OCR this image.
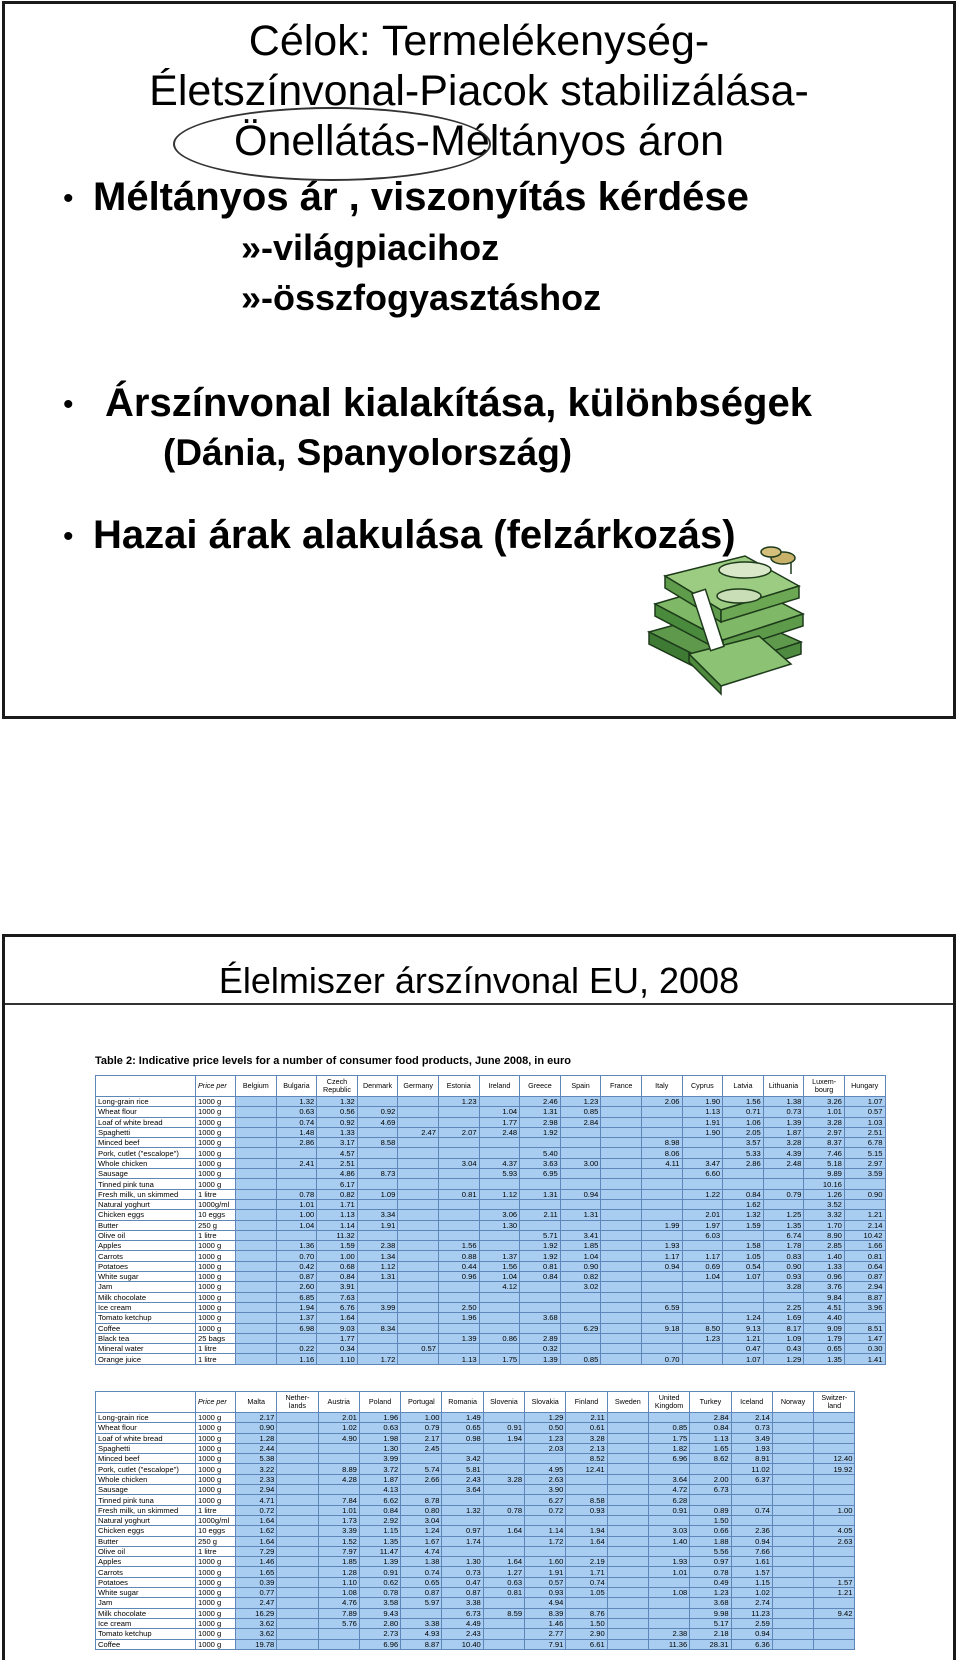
Célok: Termelékenység-
Életszínvonal-Piacok stabilizálása-
Önellátás-Méltányos áron
• Méltányos ár , viszonyítás kérdése
»-világpiacihoz
»-összfogyasztáshoz
• Árszínvonal kialakítása, különbségek
(Dánia, Spanyolország)
• Hazai árak alakulása (felzárkozás)
Élelmiszer árszínvonal EU, 2008
Table 2: Indicative price levels for a number of consumer food products, June 2008, in euro
	Price per	Belgium	Bulgaria	Czech Republic	Denmark	Germany	Estonia	Ireland	Greece	Spain	France	Italy	Cyprus	Latvia	Lithuania	Luxem-bourg	Hungary
Long-grain rice	1000 g		1.32	1.32			1.23		2.46	1.23		2.06	1.90	1.56	1.38	3.26	1.07
Wheat flour	1000 g		0.63	0.56	0.92			1.04	1.31	0.85			1.13	0.71	0.73	1.01	0.57
Loaf of white bread	1000 g		0.74	0.92	4.69			1.77	2.98	2.84			1.91	1.06	1.39	3.28	1.03
Spaghetti	1000 g		1.48	1.33		2.47	2.07	2.48	1.92				1.90	2.05	1.87	2.97	2.51
Minced beef	1000 g		2.86	3.17	8.58							8.98		3.57	3.28	8.37	6.78
Pork, cutlet ("escalope")	1000 g			4.57					5.40			8.06		5.33	4.39	7.46	5.15
Whole chicken	1000 g		2.41	2.51			3.04	4.37	3.63	3.00		4.11	3.47	2.86	2.48	5.18	2.97
Sausage	1000 g			4.86	8.73			5.93	6.95				6.60			9.89	3.59
Tinned pink tuna	1000 g			6.17												10.16	
Fresh milk, un skimmed	1 litre		0.78	0.82	1.09		0.81	1.12	1.31	0.94			1.22	0.84	0.79	1.26	0.90
Natural yoghurt	1000g/ml		1.01	1.71										1.62		3.52	
Chicken eggs	10 eggs		1.00	1.13	3.34			3.06	2.11	1.31			2.01	1.32	1.25	3.32	1.21
Butter	250 g		1.04	1.14	1.91			1.30				1.99	1.97	1.59	1.35	1.70	2.14
Olive oil	1 litre			11.32					5.71	3.41			6.03		6.74	8.90	10.42
Apples	1000 g		1.36	1.59	2.38		1.56		1.92	1.85		1.93		1.58	1.78	2.85	1.66
Carrots	1000 g		0.70	1.00	1.34		0.88	1.37	1.92	1.04		1.17	1.17	1.05	0.83	1.40	0.81
Potatoes	1000 g		0.42	0.68	1.12		0.44	1.56	0.81	0.90		0.94	0.69	0.54	0.90	1.33	0.64
White sugar	1000 g		0.87	0.84	1.31		0.96	1.04	0.84	0.82			1.04	1.07	0.93	0.96	0.87
Jam	1000 g		2.60	3.91				4.12		3.02					3.28	3.76	2.94
Milk chocolate	1000 g		6.85	7.63												9.84	8.87
Ice cream	1000 g		1.94	6.76	3.99		2.50					6.59			2.25	4.51	3.96
Tomato ketchup	1000 g		1.37	1.64			1.96		3.68					1.24	1.69	4.40	
Coffee	1000 g		6.98	9.03	8.34					6.29		9.18	8.50	9.13	8.17	9.09	8.51
Black tea	25 bags			1.77			1.39	0.86	2.89				1.23	1.21	1.09	1.79	1.47
Mineral water	1 litre		0.22	0.34		0.57			0.32					0.47	0.43	0.65	0.30
Orange juice	1 litre		1.16	1.10	1.72		1.13	1.75	1.39	0.85		0.70		1.07	1.29	1.35	1.41
	Price per	Malta	Nether-lands	Austria	Poland	Portugal	Romania	Slovenia	Slovakia	Finland	Sweden	United Kingdom	Turkey	Iceland	Norway	Switzer-land
Long-grain rice	1000 g	2.17		2.01	1.96	1.00	1.49		1.29	2.11			2.84	2.14		
Wheat flour	1000 g	0.90		1.02	0.63	0.79	0.65	0.91	0.50	0.61		0.85	0.84	0.73		
Loaf of white bread	1000 g	1.28		4.90	1.98	2.17	0.98	1.94	1.23	3.28		1.75	1.13	3.49		
Spaghetti	1000 g	2.44			1.30	2.45			2.03	2.13		1.82	1.65	1.93		
Minced beef	1000 g	5.38			3.99		3.42			8.52		6.96	8.62	8.91		12.40
Pork, cutlet ("escalope")	1000 g	3.22		8.89	3.72	5.74	5.81		4.95	12.41				11.02		19.92
Whole chicken	1000 g	2.33		4.28	1.87	2.66	2.43	3.28	2.63			3.64	2.00	6.37		
Sausage	1000 g	2.94			4.13		3.64		3.90			4.72	6.73			
Tinned pink tuna	1000 g	4.71		7.84	6.62	8.78			6.27	8.58		6.28				
Fresh milk, un skimmed	1 litre	0.72		1.01	0.84	0.80	1.32	0.78	0.72	0.93		0.91	0.89	0.74		1.00
Natural yoghurt	1000g/ml	1.64		1.73	2.92	3.04							1.50			
Chicken eggs	10 eggs	1.62		3.39	1.15	1.24	0.97	1.64	1.14	1.94		3.03	0.66	2.36		4.05
Butter	250 g	1.64		1.52	1.35	1.67	1.74		1.72	1.64		1.40	1.88	0.94		2.63
Olive oil	1 litre	7.29		7.97	11.47	4.74							5.56	7.66		
Apples	1000 g	1.46		1.85	1.39	1.38	1.30	1.64	1.60	2.19		1.93	0.97	1.61		
Carrots	1000 g	1.65		1.28	0.91	0.74	0.73	1.27	1.91	1.71		1.01	0.78	1.57		
Potatoes	1000 g	0.39		1.10	0.62	0.65	0.47	0.63	0.57	0.74			0.49	1.15		1.57
White sugar	1000 g	0.77		1.08	0.78	0.87	0.87	0.81	0.93	1.05		1.08	1.23	1.02		1.21
Jam	1000 g	2.47		4.76	3.58	5.97	3.38		4.94				3.68	2.74		
Milk chocolate	1000 g	16.29		7.89	9.43		6.73	8.59	8.39	8.76			9.98	11.23		9.42
Ice cream	1000 g	3.62		5.76	2.80	3.38	4.49		1.46	1.50			5.17	2.59		
Tomato ketchup	1000 g	3.62			2.73	4.93	2.43		2.77	2.90		2.38	2.18	0.94		
Coffee	1000 g	19.78			6.96	8.87	10.40		7.91	6.61		11.36	28.31	6.36		
